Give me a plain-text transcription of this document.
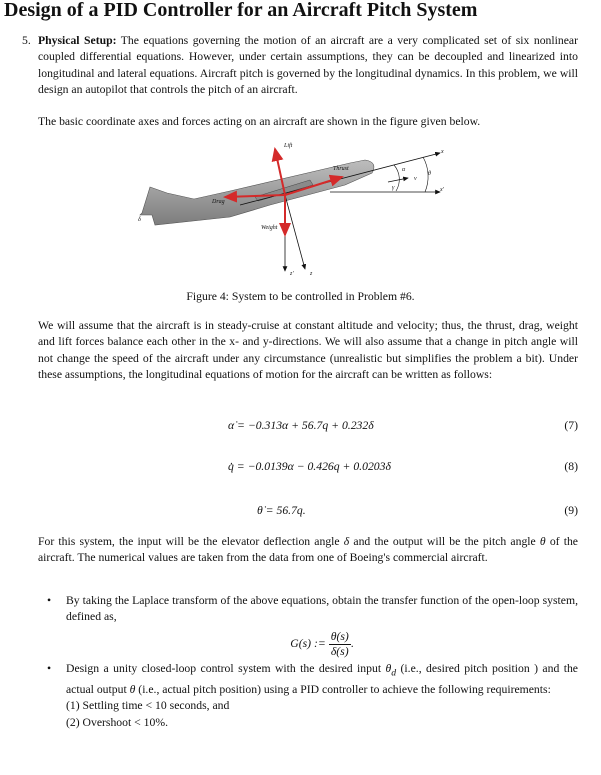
Design of a PID Controller for an Aircraft Pitch System
5. Physical Setup: The equations governing the motion of an aircraft are a very complicated set of six nonlinear coupled differential equations. However, under certain assumptions, they can be decoupled and linearized into longitudinal and lateral equations. Aircraft pitch is governed by the longitudinal dynamics. In this problem, we will design an autopilot that controls the pitch of an aircraft.
The basic coordinate axes and forces acting on an aircraft are shown in the figure given below.
Lift
Thrust
Drag
Weight
x
x'
z'	z
α
v
θ
γ
δ
Figure 4: System to be controlled in Problem #6.
We will assume that the aircraft is in steady-cruise at constant altitude and velocity; thus, the thrust, drag, weight and lift forces balance each other in the x- and y-directions. We will also assume that a change in pitch angle will not change the speed of the aircraft under any circumstance (unrealistic but simplifies the problem a bit). Under these assumptions, the longitudinal equations of motion for the aircraft can be written as follows:
α̇ = −0.313α + 56.7q + 0.232δ	(7)
q̇ = −0.0139α − 0.426q + 0.0203δ	(8)
θ̇ = 56.7q.	(9)
For this system, the input will be the elevator deflection angle δ and the output will be the pitch angle θ of the aircraft. The numerical values are taken from the data from one of Boeing's commercial aircraft.
• By taking the Laplace transform of the above equations, obtain the transfer function of the open-loop system, defined as,
G(s) := $\frac{\theta(s)}{\delta(s)}$ .
• Design a unity closed-loop control system with the desired input $\theta_d$ (i.e., desired pitch position ) and the actual output θ (i.e., actual pitch position) using a PID controller to achieve the following requirements:
(1) Settling time < 10 seconds, and
(2) Overshoot < 10%.
